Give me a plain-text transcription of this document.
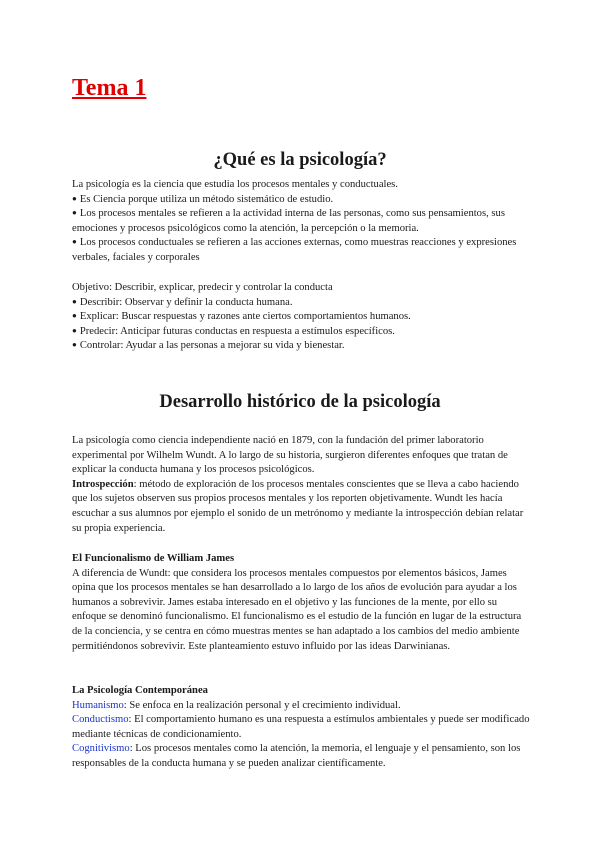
Tema 1
¿Qué es la psicología?

La psicología es la ciencia que estudia los procesos mentales y conductuales.

● Es Ciencia porque utiliza un método sistemático de estudio.

● Los procesos mentales se refieren a la actividad interna de las personas, como sus pensamientos, sus emociones y procesos psicológicos como la atención, la percepción o la memoria.

● Los procesos conductuales se refieren a las acciones externas, como muestras reacciones y expresiones verbales, faciales y corporales

Objetivo: Describir, explicar, predecir y controlar la conducta

● Describir: Observar y definir la conducta humana.

● Explicar: Buscar respuestas y razones ante ciertos comportamientos humanos.

● Predecir: Anticipar futuras conductas en respuesta a estímulos específicos.

● Controlar: Ayudar a las personas a mejorar su vida y bienestar.

Desarrollo histórico de la psicología

La psicología como ciencia independiente nació en 1879, con la fundación del primer laboratorio experimental por Wilhelm Wundt. A lo largo de su historia, surgieron diferentes enfoques que tratan de explicar la conducta humana y los procesos psicológicos.

Introspección: método de exploración de los procesos mentales conscientes que se lleva a cabo haciendo que los sujetos observen sus propios procesos mentales y los reporten objetivamente. Wundt les hacía escuchar a sus alumnos por ejemplo el sonido de un metrónomo y mediante la introspección debían relatar su propia experiencia.

El Funcionalismo de William James

A diferencia de Wundt: que considera los procesos mentales compuestos por elementos básicos, James opina que los procesos mentales se han desarrollado a lo largo de los años de evolución para ayudar a los humanos a sobrevivir. James estaba interesado en el objetivo y las funciones de la mente, por ello su enfoque se denominó funcionalismo. El funcionalismo es el estudio de la función en lugar de la estructura de la conciencia, y se centra en cómo muestras mentes se han adaptado a los cambios del medio ambiente permitiéndonos sobrevivir. Este planteamiento estuvo influido por las ideas Darwinianas.

La Psicología Contemporánea

Humanismo: Se enfoca en la realización personal y el crecimiento individual.

Conductismo: El comportamiento humano es una respuesta a estímulos ambientales y puede ser modificado mediante técnicas de condicionamiento.

Cognitivismo: Los procesos mentales como la atención, la memoria, el lenguaje y el pensamiento, son los responsables de la conducta humana y se pueden analizar científicamente.
